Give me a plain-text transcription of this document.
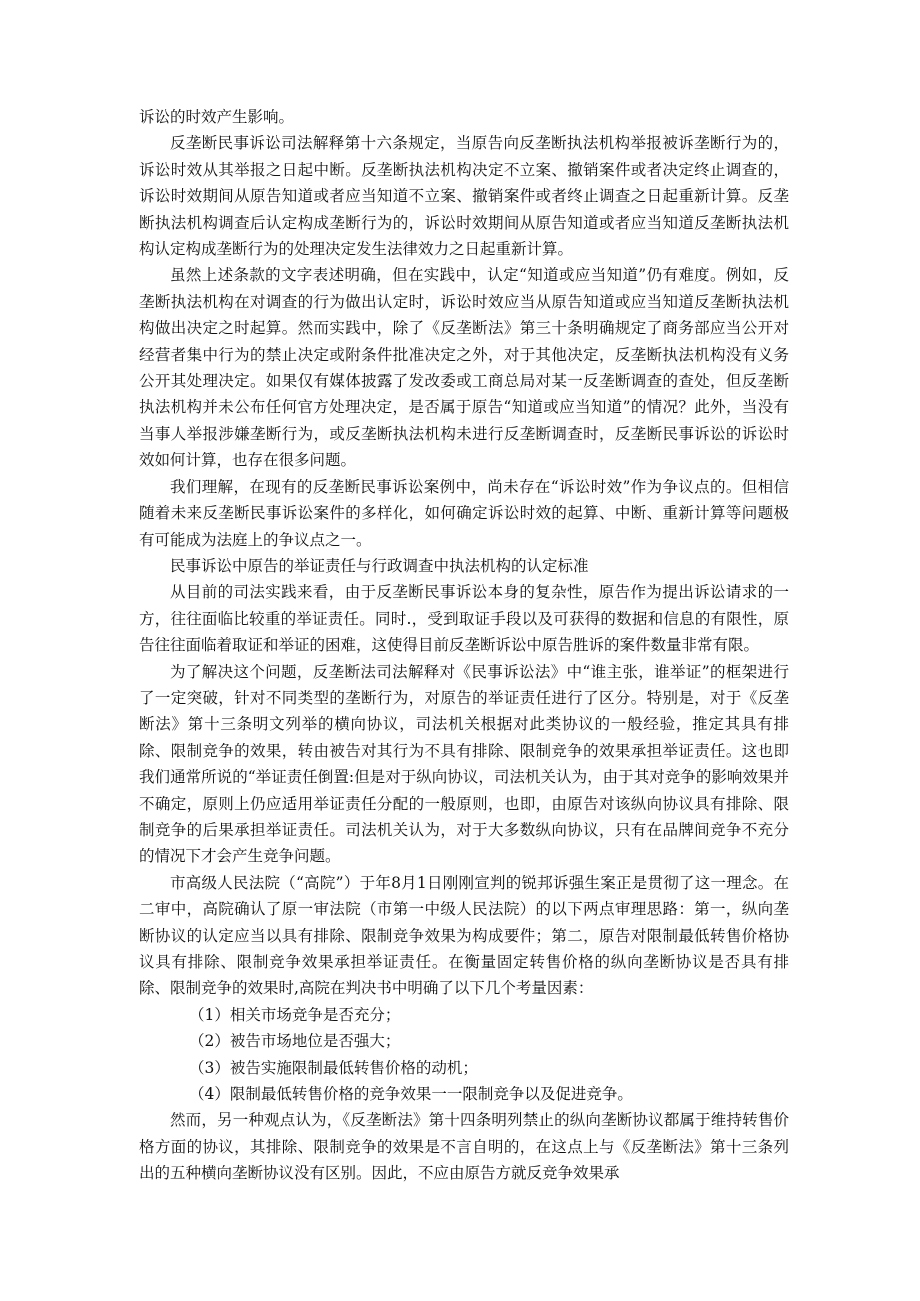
诉讼的时效产生影响。

反垄断民事诉讼司法解释第十六条规定，当原告向反垄断执法机构举报被诉垄断行为的，诉讼时效从其举报之日起中断。反垄断执法机构决定不立案、撤销案件或者决定终止调查的，诉讼时效期间从原告知道或者应当知道不立案、撤销案件或者终止调查之日起重新计算。反垄断执法机构调查后认定构成垄断行为的，诉讼时效期间从原告知道或者应当知道反垄断执法机构认定构成垄断行为的处理决定发生法律效力之日起重新计算。

虽然上述条款的文字表述明确，但在实践中，认定“知道或应当知道”仍有难度。例如，反垄断执法机构在对调查的行为做出认定时，诉讼时效应当从原告知道或应当知道反垄断执法机构做出决定之时起算。然而实践中，除了《反垄断法》第三十条明确规定了商务部应当公开对经营者集中行为的禁止决定或附条件批准决定之外，对于其他决定，反垄断执法机构没有义务公开其处理决定。如果仅有媒体披露了发改委或工商总局对某一反垄断调查的查处，但反垄断执法机构并未公布任何官方处理决定，是否属于原告“知道或应当知道”的情况？此外，当没有当事人举报涉嫌垄断行为，或反垄断执法机构未进行反垄断调查时，反垄断民事诉讼的诉讼时效如何计算，也存在很多问题。

我们理解，在现有的反垄断民事诉讼案例中，尚未存在“诉讼时效”作为争议点的。但相信随着未来反垄断民事诉讼案件的多样化，如何确定诉讼时效的起算、中断、重新计算等问题极有可能成为法庭上的争议点之一。

民事诉讼中原告的举证责任与行政调查中执法机构的认定标准

从目前的司法实践来看，由于反垄断民事诉讼本身的复杂性，原告作为提出诉讼请求的一方，往往面临比较重的举证责任。同时.，受到取证手段以及可获得的数据和信息的有限性，原告往往面临着取证和举证的困难，这使得目前反垄断诉讼中原告胜诉的案件数量非常有限。

为了解决这个问题，反垄断法司法解释对《民事诉讼法》中“谁主张，谁举证”的框架进行了一定突破，针对不同类型的垄断行为，对原告的举证责任进行了区分。特别是，对于《反垄断法》第十三条明文列举的横向协议，司法机关根据对此类协议的一般经验，推定其具有排除、限制竞争的效果，转由被告对其行为不具有排除、限制竞争的效果承担举证责任。这也即我们通常所说的“举证责任倒置:但是对于纵向协议，司法机关认为，由于其对竞争的影响效果并不确定，原则上仍应适用举证责任分配的一般原则，也即，由原告对该纵向协议具有排除、限制竞争的后果承担举证责任。司法机关认为，对于大多数纵向协议，只有在品牌间竞争不充分的情况下才会产生竞争问题。

市高级人民法院（“高院”）于年8月1日刚刚宣判的锐邦诉强生案正是贯彻了这一理念。在二审中，高院确认了原一审法院（市第一中级人民法院）的以下两点审理思路：第一，纵向垄断协议的认定应当以具有排除、限制竞争效果为构成要件；第二，原告对限制最低转售价格协议具有排除、限制竞争效果承担举证责任。在衡量固定转售价格的纵向垄断协议是否具有排除、限制竞争的效果时,高院在判决书中明确了以下几个考量因素：

（1）相关市场竞争是否充分；

（2）被告市场地位是否强大；

（3）被告实施限制最低转售价格的动机；

（4）限制最低转售价格的竞争效果一一限制竞争以及促进竞争。

然而，另一种观点认为，《反垄断法》第十四条明列禁止的纵向垄断协议都属于维持转售价格方面的协议，其排除、限制竞争的效果是不言自明的，在这点上与《反垄断法》第十三条列出的五种横向垄断协议没有区别。因此，不应由原告方就反竞争效果承
